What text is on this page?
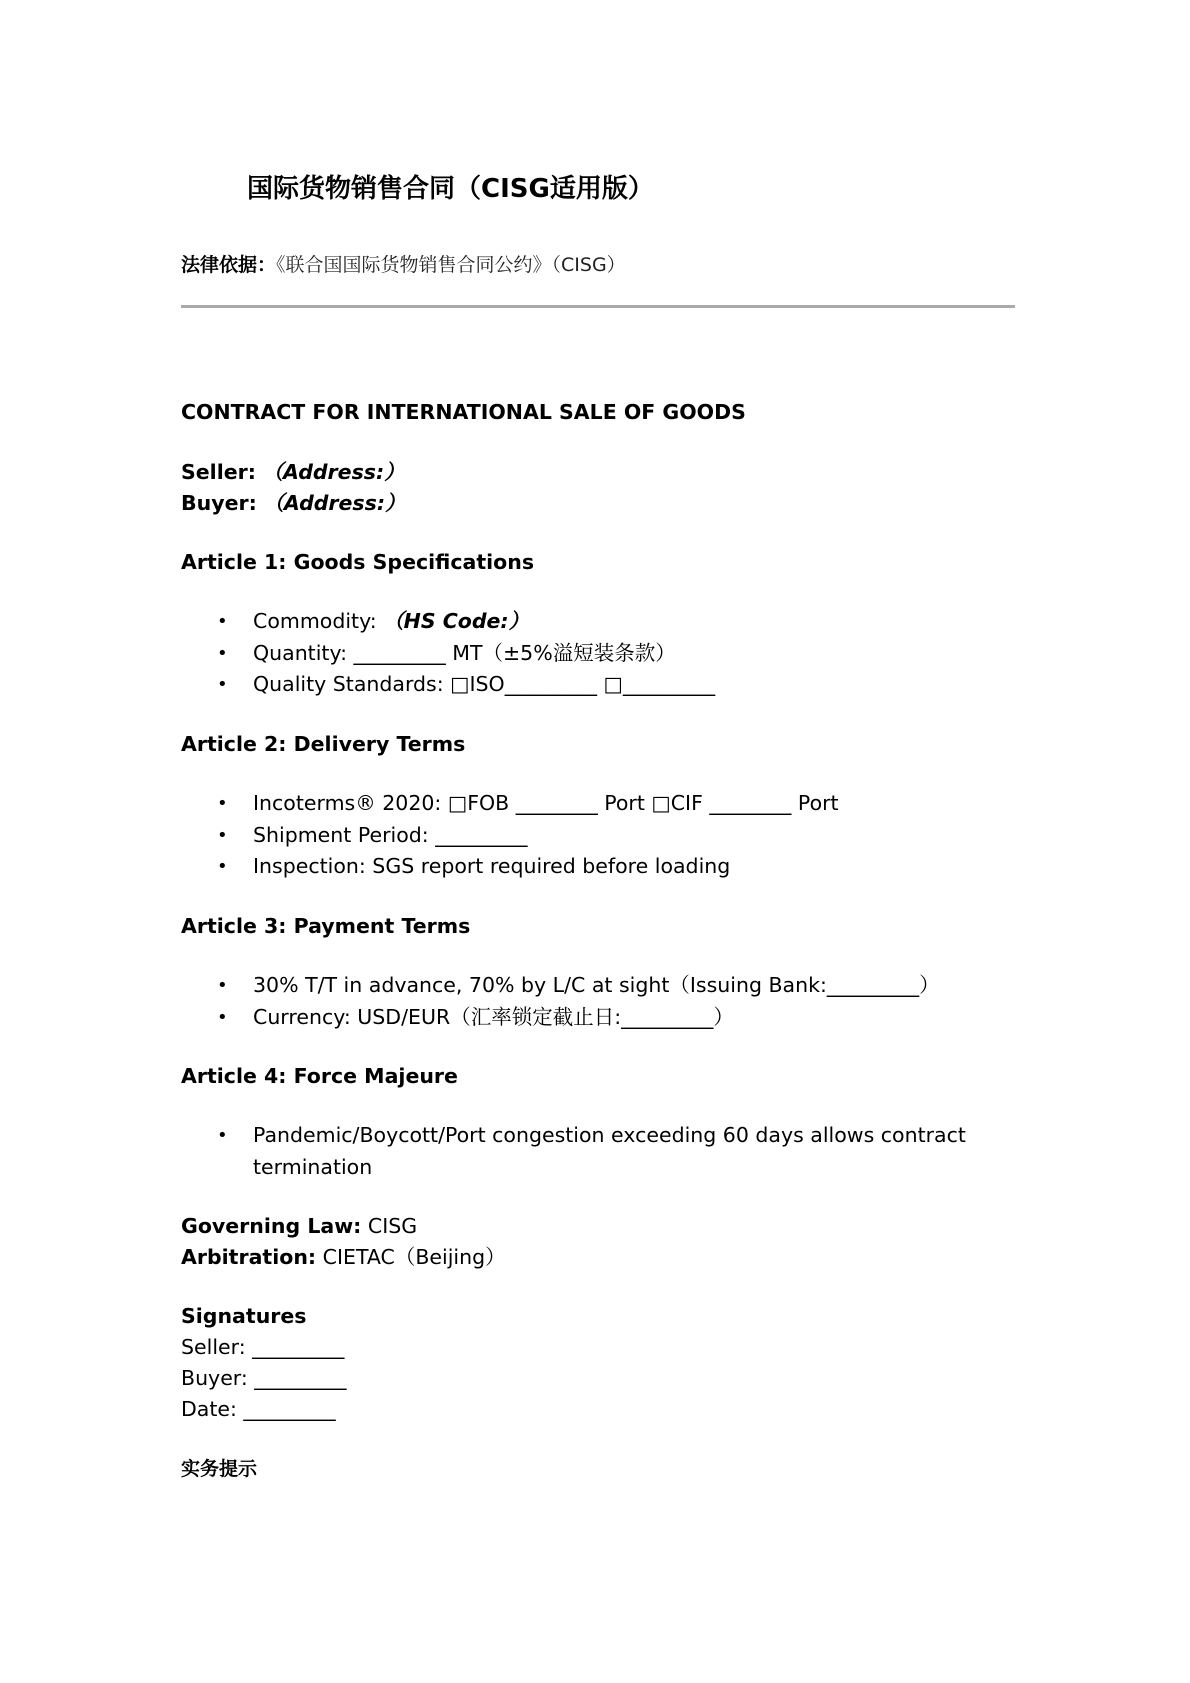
国际货物销售合同（CISG适用版）
法律依据：《联合国国际货物销售合同公约》（CISG）
CONTRACT FOR INTERNATIONAL SALE OF GOODS
Seller: （Address:）
Buyer: （Address:）
Article 1: Goods Specifications
• Commodity: （HS Code:）
• Quantity: _________ MT（±5%溢短装条款）
• Quality Standards: □ISO_________ □_________
Article 2: Delivery Terms
• Incoterms® 2020: □FOB ________ Port □CIF ________ Port
• Shipment Period: _________
• Inspection: SGS report required before loading
Article 3: Payment Terms
• 30% T/T in advance, 70% by L/C at sight（Issuing Bank:_________）
• Currency: USD/EUR（汇率锁定截止日:_________）
Article 4: Force Majeure
• Pandemic/Boycott/Port congestion exceeding 60 days allows contract termination
Governing Law: CISG
Arbitration: CIETAC（Beijing）
Signatures
Seller: _________
Buyer: _________
Date: _________
实务提示
